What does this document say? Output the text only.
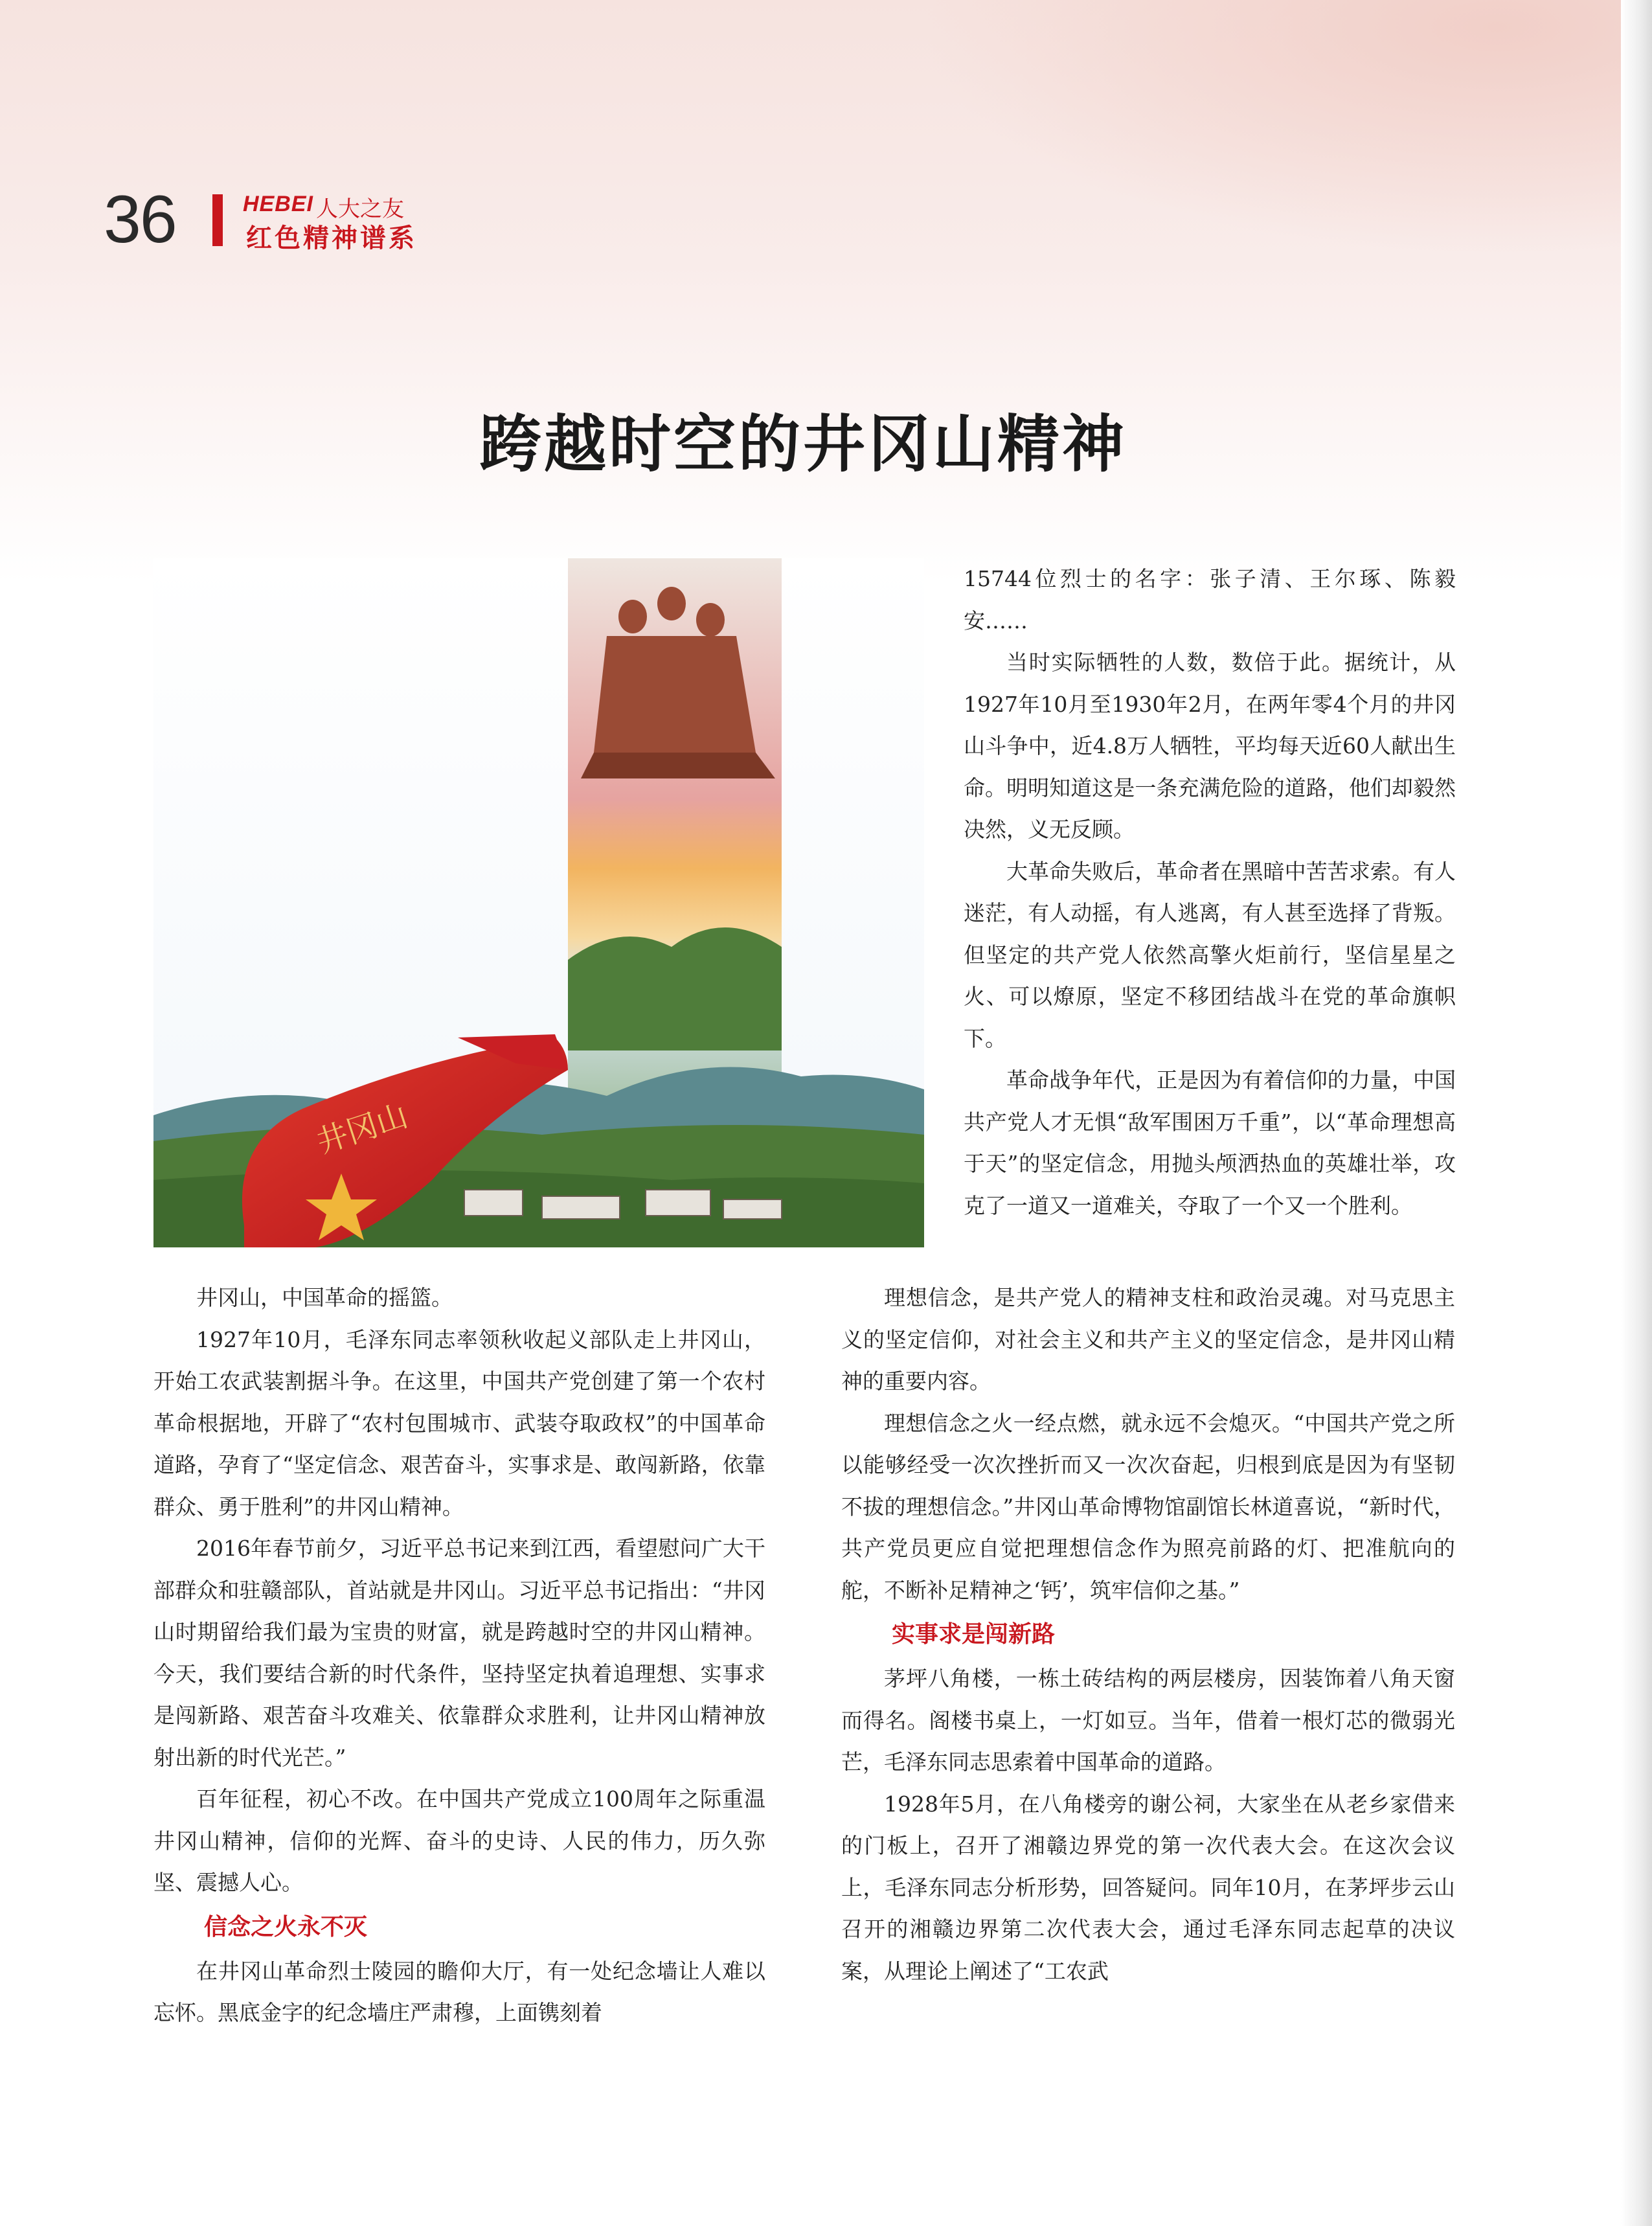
36	HEBEI 人大之友
红色精神谱系
跨越时空的井冈山精神
井冈山

15744位烈士的名字：张子清、王尔琢、陈毅安……

当时实际牺牲的人数，数倍于此。据统计，从1927年10月至1930年2月，在两年零4个月的井冈山斗争中，近4.8万人牺牲，平均每天近60人献出生命。明明知道这是一条充满危险的道路，他们却毅然决然，义无反顾。

大革命失败后，革命者在黑暗中苦苦求索。有人迷茫，有人动摇，有人逃离，有人甚至选择了背叛。但坚定的共产党人依然高擎火炬前行，坚信星星之火、可以燎原，坚定不移团结战斗在党的革命旗帜下。

革命战争年代，正是因为有着信仰的力量，中国共产党人才无惧“敌军围困万千重”，以“革命理想高于天”的坚定信念，用抛头颅洒热血的英雄壮举，攻克了一道又一道难关，夺取了一个又一个胜利。

井冈山，中国革命的摇篮。

1927年10月，毛泽东同志率领秋收起义部队走上井冈山，开始工农武装割据斗争。在这里，中国共产党创建了第一个农村革命根据地，开辟了“农村包围城市、武装夺取政权”的中国革命道路，孕育了“坚定信念、艰苦奋斗，实事求是、敢闯新路，依靠群众、勇于胜利”的井冈山精神。

2016年春节前夕，习近平总书记来到江西，看望慰问广大干部群众和驻赣部队，首站就是井冈山。习近平总书记指出：“井冈山时期留给我们最为宝贵的财富，就是跨越时空的井冈山精神。今天，我们要结合新的时代条件，坚持坚定执着追理想、实事求是闯新路、艰苦奋斗攻难关、依靠群众求胜利，让井冈山精神放射出新的时代光芒。”

百年征程，初心不改。在中国共产党成立100周年之际重温井冈山精神，信仰的光辉、奋斗的史诗、人民的伟力，历久弥坚、震撼人心。

信念之火永不灭

在井冈山革命烈士陵园的瞻仰大厅，有一处纪念墙让人难以忘怀。黑底金字的纪念墙庄严肃穆，上面镌刻着

理想信念，是共产党人的精神支柱和政治灵魂。对马克思主义的坚定信仰，对社会主义和共产主义的坚定信念，是井冈山精神的重要内容。

理想信念之火一经点燃，就永远不会熄灭。“中国共产党之所以能够经受一次次挫折而又一次次奋起，归根到底是因为有坚韧不拔的理想信念。”井冈山革命博物馆副馆长林道喜说，“新时代，共产党员更应自觉把理想信念作为照亮前路的灯、把准航向的舵，不断补足精神之‘钙’，筑牢信仰之基。”

实事求是闯新路

茅坪八角楼，一栋土砖结构的两层楼房，因装饰着八角天窗而得名。阁楼书桌上，一灯如豆。当年，借着一根灯芯的微弱光芒，毛泽东同志思索着中国革命的道路。

1928年5月，在八角楼旁的谢公祠，大家坐在从老乡家借来的门板上，召开了湘赣边界党的第一次代表大会。在这次会议上，毛泽东同志分析形势，回答疑问。同年10月，在茅坪步云山召开的湘赣边界第二次代表大会，通过毛泽东同志起草的决议案，从理论上阐述了“工农武
